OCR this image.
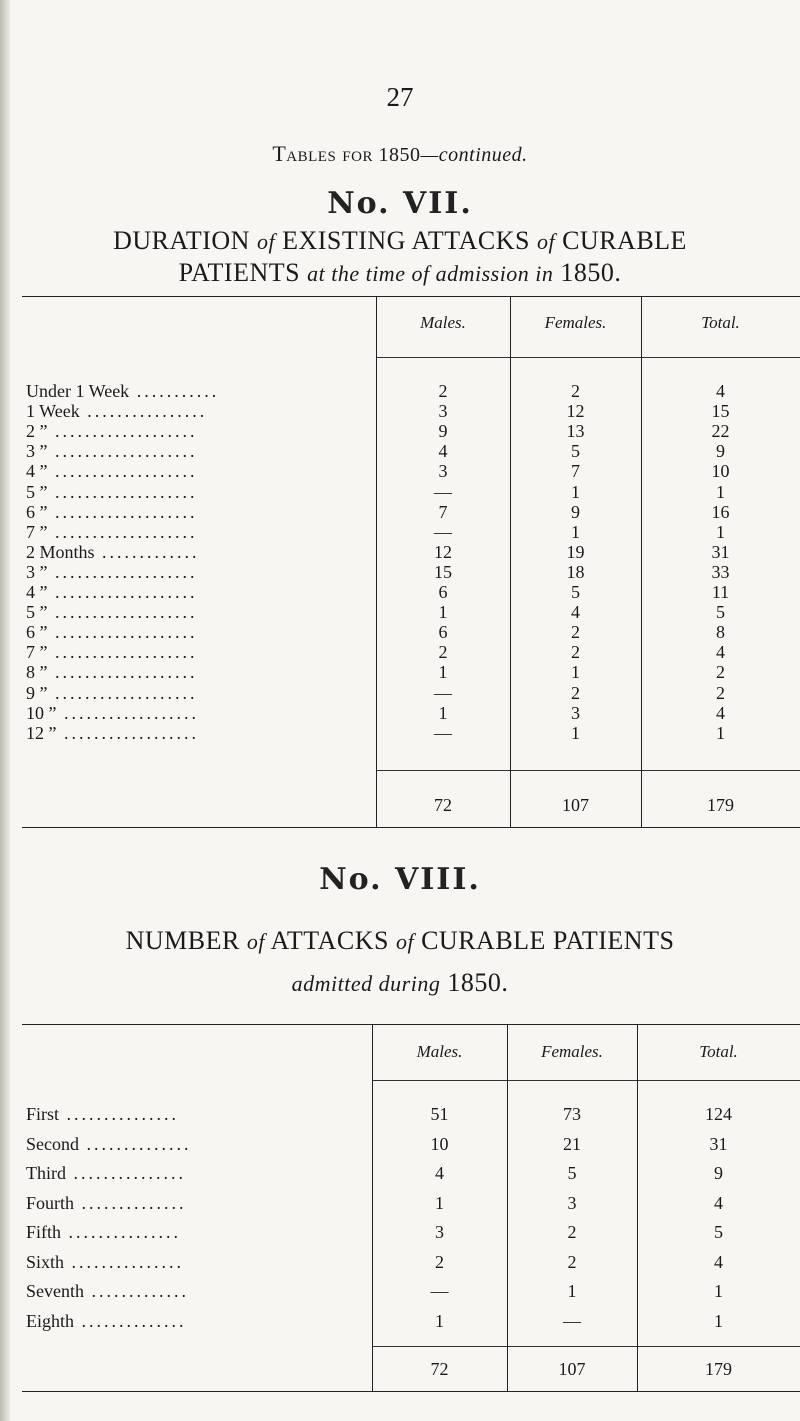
27
Tables for 1850—continued.
No. VII.
DURATION of EXISTING ATTACKS of CURABLE
PATIENTS at the time of admission in 1850.
Males.	Females.	Total.
Under 1 Week ...........	2	2	4
1 Week ................	3	12	15
2 ” ...................	9	13	22
3 ” ...................	4	5	9
4 ” ...................	3	7	10
5 ” ...................	—	1	1
6 ” ...................	7	9	16
7 ” ...................	—	1	1
2 Months .............	12	19	31
3 ” ...................	15	18	33
4 ” ...................	6	5	11
5 ” ...................	1	4	5
6 ” ...................	6	2	8
7 ” ...................	2	2	4
8 ” ...................	1	1	2
9 ” ...................	—	2	2
10 ” ..................	1	3	4
12 ” ..................	—	1	1
72	107	179
No. VIII.
NUMBER of ATTACKS of CURABLE PATIENTS
admitted during 1850.
Males.	Females.	Total.
First ...............	51	73	124
Second ..............	10	21	31
Third ...............	4	5	9
Fourth ..............	1	3	4
Fifth ...............	3	2	5
Sixth ...............	2	2	4
Seventh .............	—	1	1
Eighth ..............	1	—	1
72	107	179
